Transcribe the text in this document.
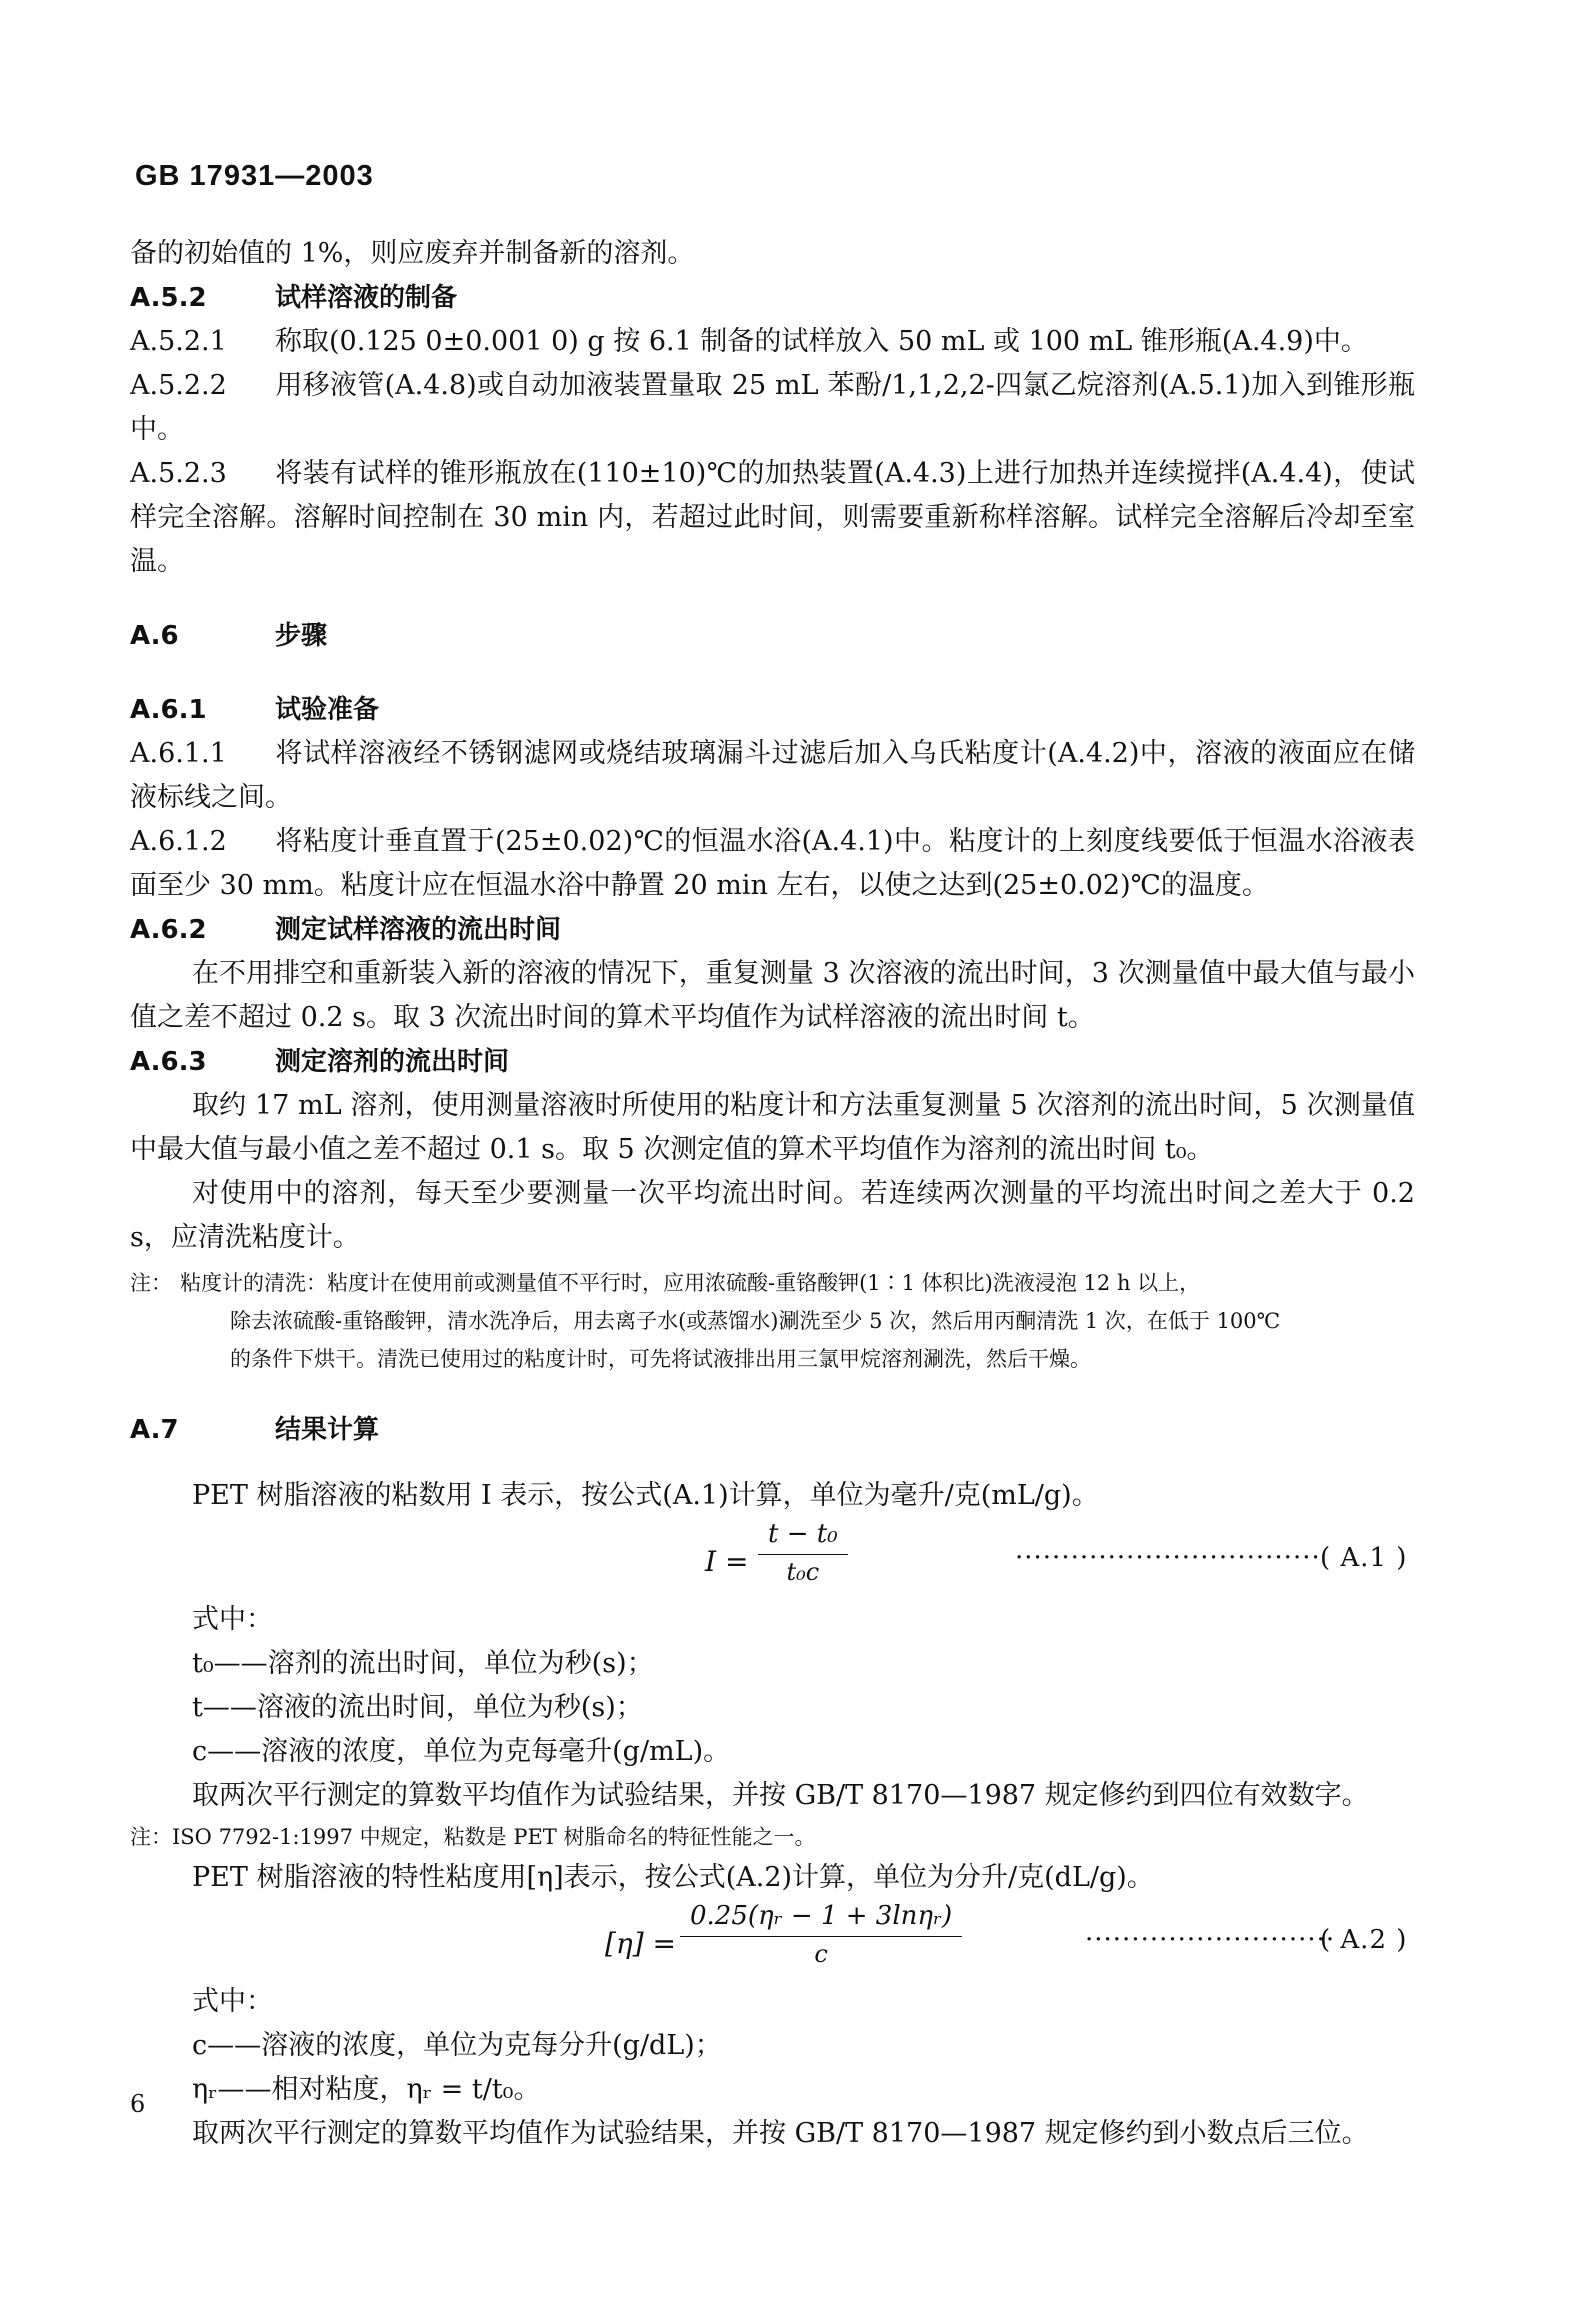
GB 17931—2003

备的初始值的 1%，则应废弃并制备新的溶剂。

A.5.2	试样溶液的制备

A.5.2.1 称取(0.125 0±0.001 0) g 按 6.1 制备的试样放入 50 mL 或 100 mL 锥形瓶(A.4.9)中。

A.5.2.2 用移液管(A.4.8)或自动加液装置量取 25 mL 苯酚/1,1,2,2-四氯乙烷溶剂(A.5.1)加入到锥形瓶中。

A.5.2.3 将装有试样的锥形瓶放在(110±10)℃的加热装置(A.4.3)上进行加热并连续搅拌(A.4.4)，使试样完全溶解。溶解时间控制在 30 min 内，若超过此时间，则需要重新称样溶解。试样完全溶解后冷却至室温。

A.6	步骤

A.6.1	试验准备

A.6.1.1 将试样溶液经不锈钢滤网或烧结玻璃漏斗过滤后加入乌氏粘度计(A.4.2)中，溶液的液面应在储液标线之间。

A.6.1.2 将粘度计垂直置于(25±0.02)℃的恒温水浴(A.4.1)中。粘度计的上刻度线要低于恒温水浴液表面至少 30 mm。粘度计应在恒温水浴中静置 20 min 左右，以使之达到(25±0.02)℃的温度。

A.6.2	测定试样溶液的流出时间

在不用排空和重新装入新的溶液的情况下，重复测量 3 次溶液的流出时间，3 次测量值中最大值与最小值之差不超过 0.2 s。取 3 次流出时间的算术平均值作为试样溶液的流出时间 t。

A.6.3	测定溶剂的流出时间

取约 17 mL 溶剂，使用测量溶液时所使用的粘度计和方法重复测量 5 次溶剂的流出时间，5 次测量值中最大值与最小值之差不超过 0.1 s。取 5 次测定值的算术平均值作为溶剂的流出时间 t₀。

对使用中的溶剂，每天至少要测量一次平均流出时间。若连续两次测量的平均流出时间之差大于 0.2 s，应清洗粘度计。

注： 粘度计的清洗：粘度计在使用前或测量值不平行时，应用浓硫酸-重铬酸钾(1∶1 体积比)洗液浸泡 12 h 以上，
除去浓硫酸-重铬酸钾，清水洗净后，用去离子水(或蒸馏水)涮洗至少 5 次，然后用丙酮清洗 1 次，在低于 100℃
的条件下烘干。清洗已使用过的粘度计时，可先将试液排出用三氯甲烷溶剂涮洗，然后干燥。

A.7	结果计算

PET 树脂溶液的粘数用 I 表示，按公式(A.1)计算，单位为毫升/克(mL/g)。

$I = \frac{\text{t − t₀}}{\text{t₀c}}$	································· ( A.1 )

式中：

t₀——溶剂的流出时间，单位为秒(s)；

t——溶液的流出时间，单位为秒(s)；

c——溶液的浓度，单位为克每毫升(g/mL)。

取两次平行测定的算数平均值作为试验结果，并按 GB/T 8170—1987 规定修约到四位有效数字。

注：ISO 7792-1:1997 中规定，粘数是 PET 树脂命名的特征性能之一。

PET 树脂溶液的特性粘度用[η]表示，按公式(A.2)计算，单位为分升/克(dL/g)。

$[\eta] = \frac{\text{0.25(ηᵣ − 1 + 3lnηᵣ)}}{c}$	···························
( A.2 )

式中：

c——溶液的浓度，单位为克每分升(g/dL)；

ηᵣ——相对粘度，ηᵣ = t/t₀。

取两次平行测定的算数平均值作为试验结果，并按 GB/T 8170—1987 规定修约到小数点后三位。

6
